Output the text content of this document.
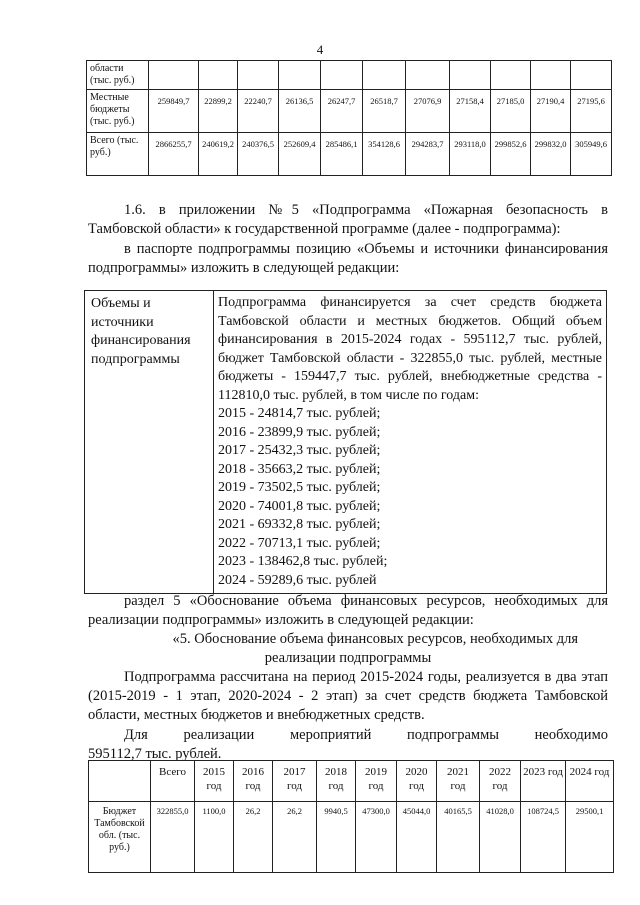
4
области (тыс. руб.)											
Местные бюджеты (тыс. руб.)	259849,7	22899,2	22240,7	26136,5	26247,7	26518,7	27076,9	27158,4	27185,0	27190,4	27195,6
Всего (тыс. руб.)	2866255,7	240619,2	240376,5	252609,4	285486,1	354128,6	294283,7	293118,0	299852,6	299832,0	305949,6
1.6. в приложении №5 «Подпрограмма «Пожарная безопасность в Тамбовской области» к государственной программе (далее - подпрограмма):
в паспорте подпрограммы позицию «Объемы и источники финансирования подпрограммы» изложить в следующей редакции:
Объемы и источники финансирования подпрограммы	
Подпрограмма финансируется за счет средств бюджета Тамбовской области и местных бюджетов. Общий объем финансирования в 2015-2024 годах - 595112,7 тыс. рублей, бюджет Тамбовской области - 322855,0 тыс. рублей, местные бюджеты - 159447,7 тыс. рублей, внебюджетные средства - 112810,0 тыс. рублей, в том числе по годам:
2015 - 24814,7 тыс. рублей;
2016 - 23899,9 тыс. рублей;
2017 - 25432,3 тыс. рублей;
2018 - 35663,2 тыс. рублей;
2019 - 73502,5 тыс. рублей;
2020 - 74001,8 тыс. рублей;
2021 - 69332,8 тыс. рублей;
2022 - 70713,1 тыс. рублей;
2023 - 138462,8 тыс. рублей;
2024 - 59289,6 тыс. рублей
раздел 5 «Обоснование объема финансовых ресурсов, необходимых для реализации подпрограммы» изложить в следующей редакции:
«5. Обоснование объема финансовых ресурсов, необходимых для
реализации подпрограммы
Подпрограмма рассчитана на период 2015-2024 годы, реализуется в два этап (2015-2019 - 1 этап, 2020-2024 - 2 этап) за счет средств бюджета Тамбовской области, местных бюджетов и внебюджетных средств.
Для реализации мероприятий подпрограммы необходимо
595112,7 тыс. рублей.
	Всего	2015 год	2016 год	2017 год	2018 год	2019 год	2020 год	2021 год	2022 год	2023 год	2024 год
Бюджет Тамбовской обл. (тыс. руб.)	322855,0	1100,0	26,2	26,2	9940,5	47300,0	45044,0	40165,5	41028,0	108724,5	29500,1
